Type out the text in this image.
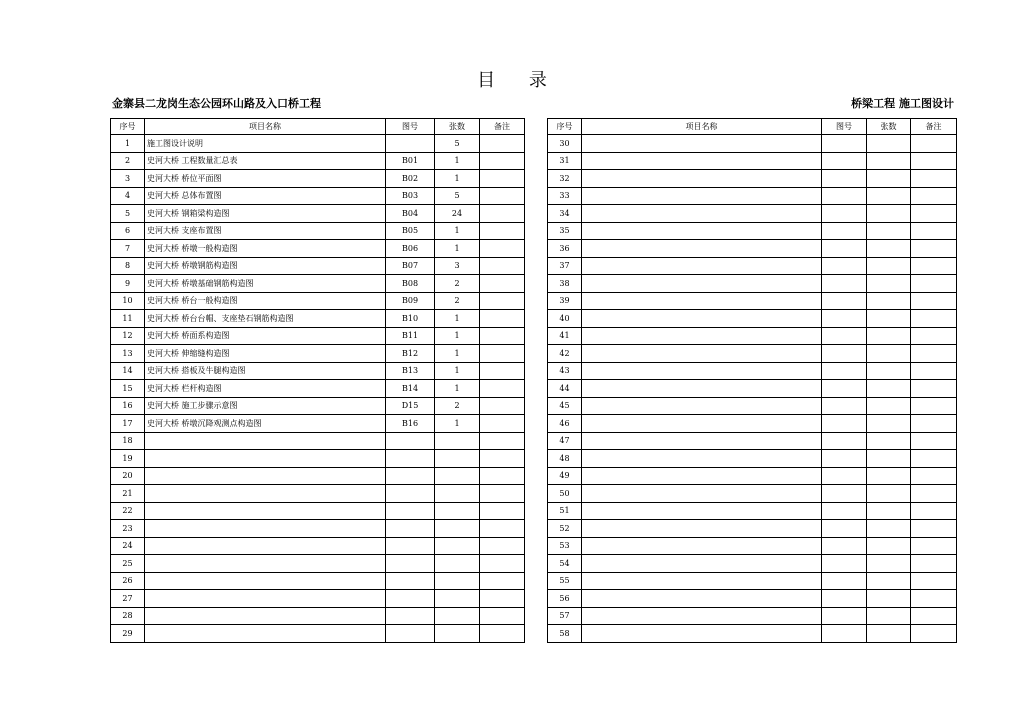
目 录
金寨县二龙岗生态公园环山路及入口桥工程	桥梁工程 施工图设计
序号	项目名称	图号	张数	备注
1	施工图设计说明		5	
2	史河大桥 工程数量汇总表	B01	1	
3	史河大桥 桥位平面图	B02	1	
4	史河大桥 总体布置图	B03	5	
5	史河大桥 钢箱梁构造图	B04	24	
6	史河大桥 支座布置图	B05	1	
7	史河大桥 桥墩一般构造图	B06	1	
8	史河大桥 桥墩钢筋构造图	B07	3	
9	史河大桥 桥墩基础钢筋构造图	B08	2	
10	史河大桥 桥台一般构造图	B09	2	
11	史河大桥 桥台台帽、支座垫石钢筋构造图	B10	1	
12	史河大桥 桥面系构造图	B11	1	
13	史河大桥 伸缩缝构造图	B12	1	
14	史河大桥 搭板及牛腿构造图	B13	1	
15	史河大桥 栏杆构造图	B14	1	
16	史河大桥 施工步骤示意图	D15	2	
17	史河大桥 桥墩沉降观测点构造图	B16	1	
18				
19				
20				
21				
22				
23				
24				
25				
26				
27				
28				
29				
序号	项目名称	图号	张数	备注
30				
31				
32				
33				
34				
35				
36				
37				
38				
39				
40				
41				
42				
43				
44				
45				
46				
47				
48				
49				
50				
51				
52				
53				
54				
55				
56				
57				
58				
